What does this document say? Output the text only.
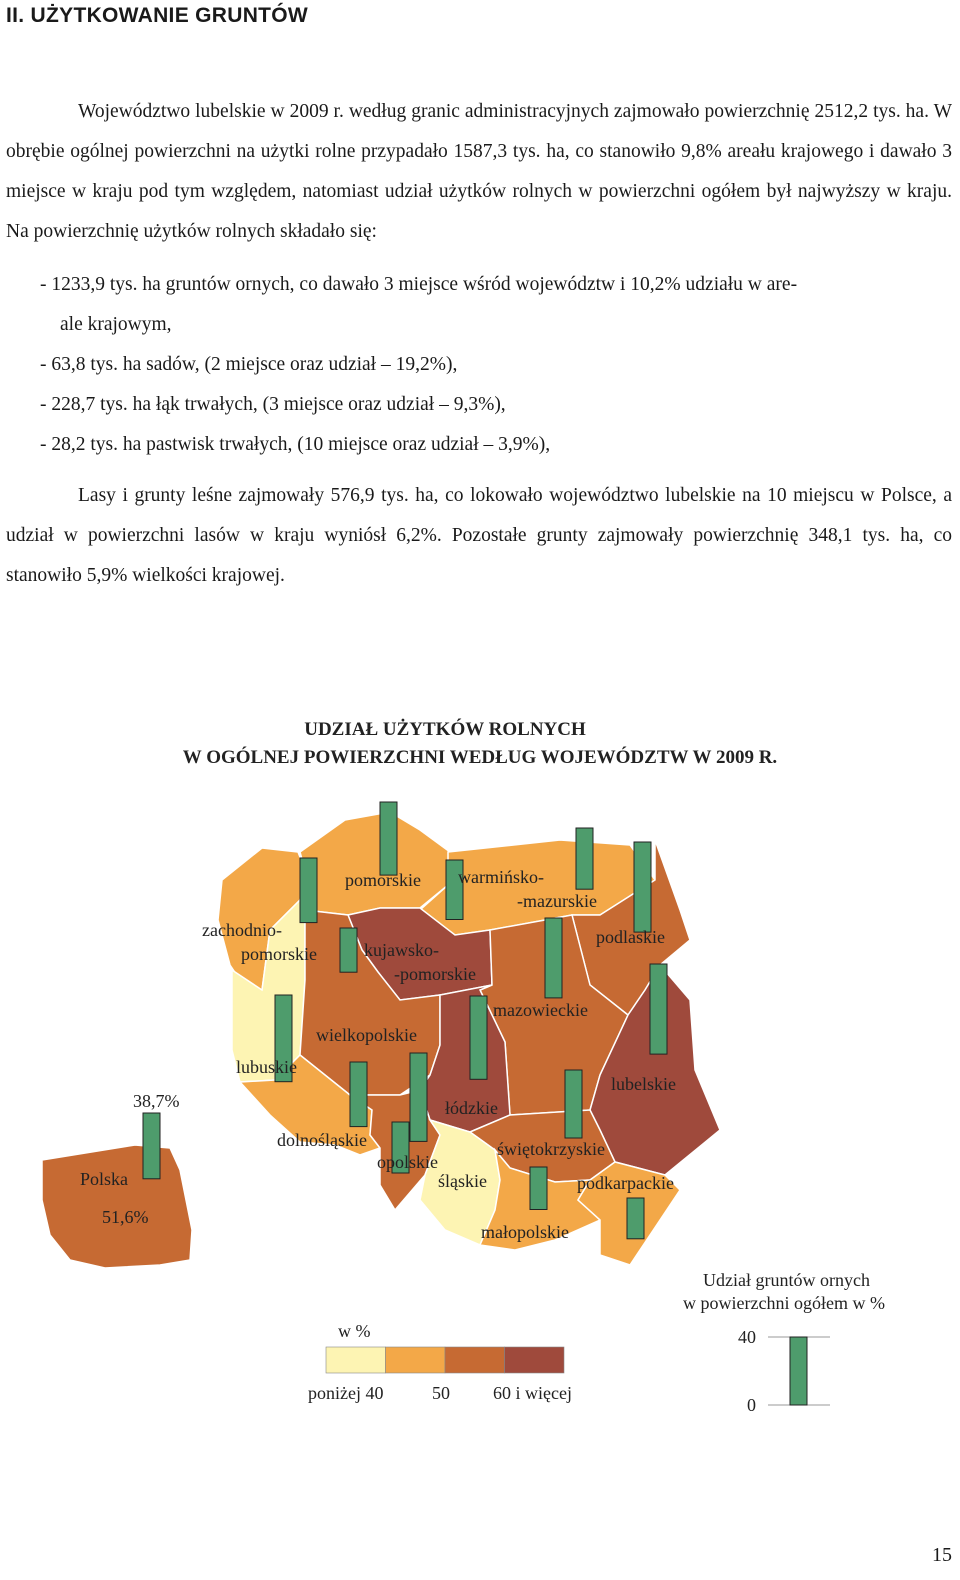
II. UŻYTKOWANIE GRUNTÓW

Województwo lubelskie w 2009 r. według granic administracyjnych zajmowało powierzchnię 2512,2 tys. ha. W obrębie ogólnej powierzchni na użytki rolne przypadało 1587,3 tys. ha, co stanowiło 9,8% areału krajowego i dawało 3 miejsce w kraju pod tym względem, natomiast udział użytków rolnych w powierzchni ogółem był najwyższy w kraju. Na powierzchnię użytków rolnych składało się:

- 1233,9 tys. ha gruntów ornych, co dawało 3 miejsce wśród województw i 10,2% udziału w are-
ale krajowym,
- 63,8 tys. ha sadów, (2 miejsce oraz udział – 19,2%),
- 228,7 tys. ha łąk trwałych, (3 miejsce oraz udział – 9,3%),
- 28,2 tys. ha pastwisk trwałych, (10 miejsce oraz udział – 3,9%),

Lasy i grunty leśne zajmowały 576,9 tys. ha, co lokowało województwo lubelskie na 10 miejscu w Polsce, a udział w powierzchni lasów w kraju wyniósł 6,2%. Pozostałe grunty zajmowały powierzchnię 348,1 tys. ha, co stanowiło 5,9% wielkości krajowej.

UDZIAŁ UŻYTKÓW ROLNYCH
W OGÓLNEJ POWIERZCHNI WEDŁUG WOJEWÓDZTW W 2009 R.
Polska
51,6%
38,7%
zachodnio-
pomorskie
pomorskie warmińsko-
-mazurskie
podlaskie
kujawsko-
-pomorskie
lubuskie
wielkopolskie
mazowieckie
łódzkie
lubelskie
dolnośląskie
opolskie
świętokrzyskie
śląskie
małopolskie
podkarpackie
w %
poniżej 40	50 60 i więcej
Udział gruntów ornych
w powierzchni ogółem w %
40
0
15
